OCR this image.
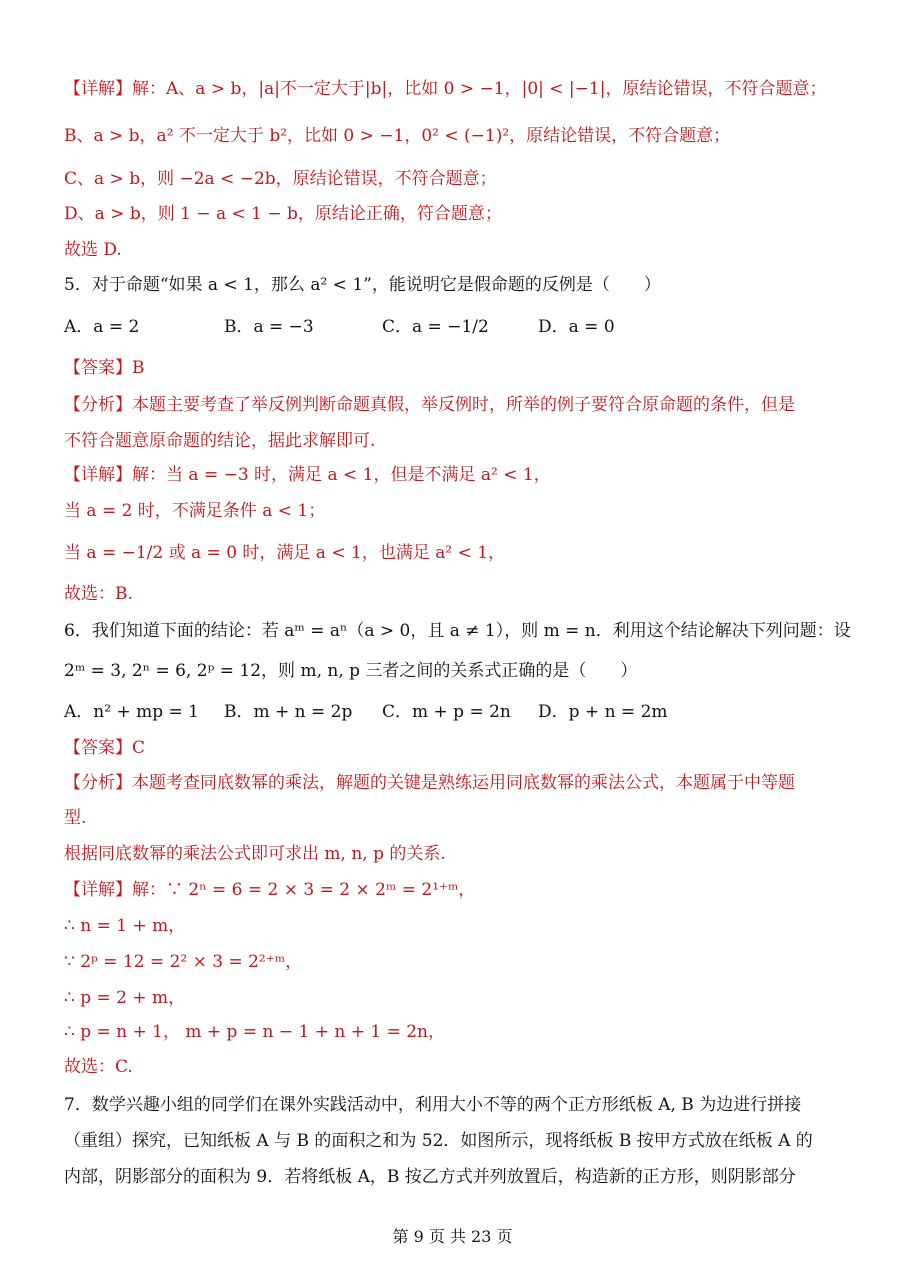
【详解】解：A、a > b，|a|不一定大于|b|，比如 0 > −1，|0| < |−1|，原结论错误，不符合题意；
B、a > b，a² 不一定大于 b²，比如 0 > −1，0² < (−1)²，原结论错误，不符合题意；
C、a > b，则 −2a < −2b，原结论错误，不符合题意；
D、a > b，则 1 − a < 1 − b，原结论正确，符合题意；
故选 D.
5．对于命题“如果 a < 1，那么 a² < 1”，能说明它是假命题的反例是（　　）
A．a = 2	B．a = −3	C．a = −1/2	D．a = 0
【答案】B
【分析】本题主要考查了举反例判断命题真假，举反例时，所举的例子要符合原命题的条件，但是
不符合题意原命题的结论，据此求解即可.
【详解】解：当 a = −3 时，满足 a < 1，但是不满足 a² < 1，
当 a = 2 时，不满足条件 a < 1；
当 a = −1/2 或 a = 0 时，满足 a < 1，也满足 a² < 1，
故选：B.
6．我们知道下面的结论：若 aᵐ = aⁿ（a > 0，且 a ≠ 1），则 m = n．利用这个结论解决下列问题：设
2ᵐ = 3, 2ⁿ = 6, 2ᵖ = 12，则 m, n, p 三者之间的关系式正确的是（　　）
A．n² + mp = 1 B．m + n = 2p C．m + p = 2n D．p + n = 2m
【答案】C
【分析】本题考查同底数幂的乘法，解题的关键是熟练运用同底数幂的乘法公式，本题属于中等题
型.
根据同底数幂的乘法公式即可求出 m, n, p 的关系.
【详解】解：∵ 2ⁿ = 6 = 2 × 3 = 2 × 2ᵐ = 2¹⁺ᵐ，
∴ n = 1 + m，
∵ 2ᵖ = 12 = 2² × 3 = 2²⁺ᵐ，
∴ p = 2 + m，
∴ p = n + 1， m + p = n − 1 + n + 1 = 2n，
故选：C.
7．数学兴趣小组的同学们在课外实践活动中，利用大小不等的两个正方形纸板 A, B 为边进行拼接
（重组）探究，已知纸板 A 与 B 的面积之和为 52．如图所示，现将纸板 B 按甲方式放在纸板 A 的
内部，阴影部分的面积为 9．若将纸板 A，B 按乙方式并列放置后，构造新的正方形，则阴影部分
第 9 页 共 23 页
